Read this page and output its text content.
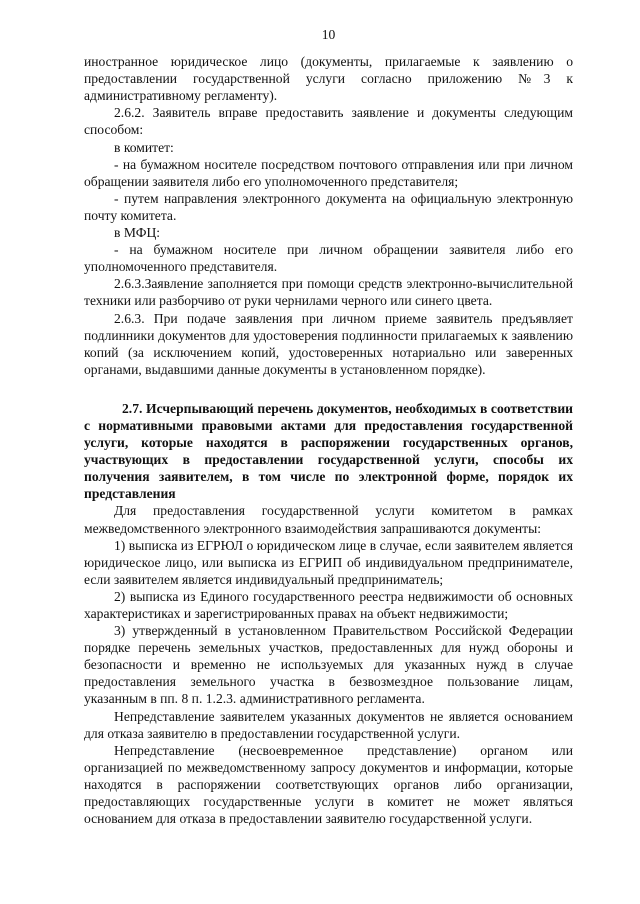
10

иностранное юридическое лицо (документы, прилагаемые к заявлению о предоставлении государственной услуги согласно приложению №3 к административному регламенту).

2.6.2. Заявитель вправе предоставить заявление и документы следующим способом:

в комитет:

- на бумажном носителе посредством почтового отправления или при личном обращении заявителя либо его уполномоченного представителя;

- путем направления электронного документа на официальную электронную почту комитета.

в МФЦ:

- на бумажном носителе при личном обращении заявителя либо его уполномоченного представителя.

2.6.3.Заявление заполняется при помощи средств электронно-вычислительной техники или разборчиво от руки чернилами черного или синего цвета.

2.6.3. При подаче заявления при личном приеме заявитель предъявляет подлинники документов для удостоверения подлинности прилагаемых к заявлению копий (за исключением копий, удостоверенных нотариально или заверенных органами, выдавшими данные документы в установленном порядке).

2.7. Исчерпывающий перечень документов, необходимых в соответствии с нормативными правовыми актами для предоставления государственной услуги, которые находятся в распоряжении государственных органов, участвующих в предоставлении государственной услуги, способы их получения заявителем, в том числе по электронной форме, порядок их представления

Для предоставления государственной услуги комитетом в рамках межведомственного электронного взаимодействия запрашиваются документы:

1) выписка из ЕГРЮЛ о юридическом лице в случае, если заявителем является юридическое лицо, или выписка из ЕГРИП об индивидуальном предпринимателе, если заявителем является индивидуальный предприниматель;

2) выписка из Единого государственного реестра недвижимости об основных характеристиках и зарегистрированных правах на объект недвижимости;

3) утвержденный в установленном Правительством Российской Федерации порядке перечень земельных участков, предоставленных для нужд обороны и безопасности и временно не используемых для указанных нужд в случае предоставления земельного участка в безвозмездное пользование лицам, указанным в пп. 8 п. 1.2.3. административного регламента.

Непредставление заявителем указанных документов не является основанием для отказа заявителю в предоставлении государственной услуги.

Непредставление (несвоевременное представление) органом или организацией по межведомственному запросу документов и информации, которые находятся в распоряжении соответствующих органов либо организации, предоставляющих государственные услуги в комитет не может являться основанием для отказа в предоставлении заявителю государственной услуги.
